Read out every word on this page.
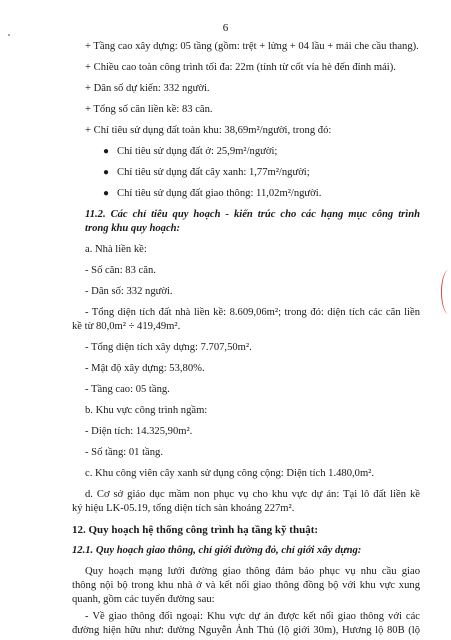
6
+ Tầng cao xây dựng: 05 tầng (gồm: trệt + lửng + 04 lầu + mái che cầu thang).
+ Chiều cao toàn công trình tối đa: 22m (tính từ cốt vỉa hè đến đỉnh mái).
+ Dân số dự kiến: 332 người.
+ Tổng số căn liền kề: 83 căn.
+ Chỉ tiêu sử dụng đất toàn khu: 38,69m²/người, trong đó:
● Chỉ tiêu sử dụng đất ở: 25,9m²/người;
● Chỉ tiêu sử dụng đất cây xanh: 1,77m²/người;
● Chỉ tiêu sử dụng đất giao thông: 11,02m²/người.
11.2. Các chỉ tiêu quy hoạch - kiến trúc cho các hạng mục công trình
trong khu quy hoạch:
a. Nhà liền kề:
- Số căn: 83 căn.
- Dân số: 332 người.
- Tổng diện tích đất nhà liền kề: 8.609,06m²; trong đó: diện tích các căn liền
kề từ 80,0m² ÷ 419,49m².
- Tổng diện tích xây dựng: 7.707,50m².
- Mật độ xây dựng: 53,80%.
- Tầng cao: 05 tầng.
b. Khu vực công trình ngầm:
- Diện tích: 14.325,90m².
- Số tầng: 01 tầng.
c. Khu công viên cây xanh sử dụng công cộng: Diện tích 1.480,0m².
d. Cơ sở giáo dục mầm non phục vụ cho khu vực dự án: Tại lô đất liền kề
ký hiệu LK-05.19, tổng diện tích sàn khoảng 227m².
12. Quy hoạch hệ thống công trình hạ tầng kỹ thuật:
12.1. Quy hoạch giao thông, chỉ giới đường đỏ, chỉ giới xây dựng:
Quy hoạch mạng lưới đường giao thông đảm bảo phục vụ nhu cầu giao
thông nội bộ trong khu nhà ở và kết nối giao thông đồng bộ với khu vực xung
quanh, gồm các tuyến đường sau:
- Về giao thông đối ngoại: Khu vực dự án được kết nối giao thông với các
đường hiện hữu như: đường Nguyễn Ảnh Thủ (lộ giới 30m), Hương lộ 80B (lộ
